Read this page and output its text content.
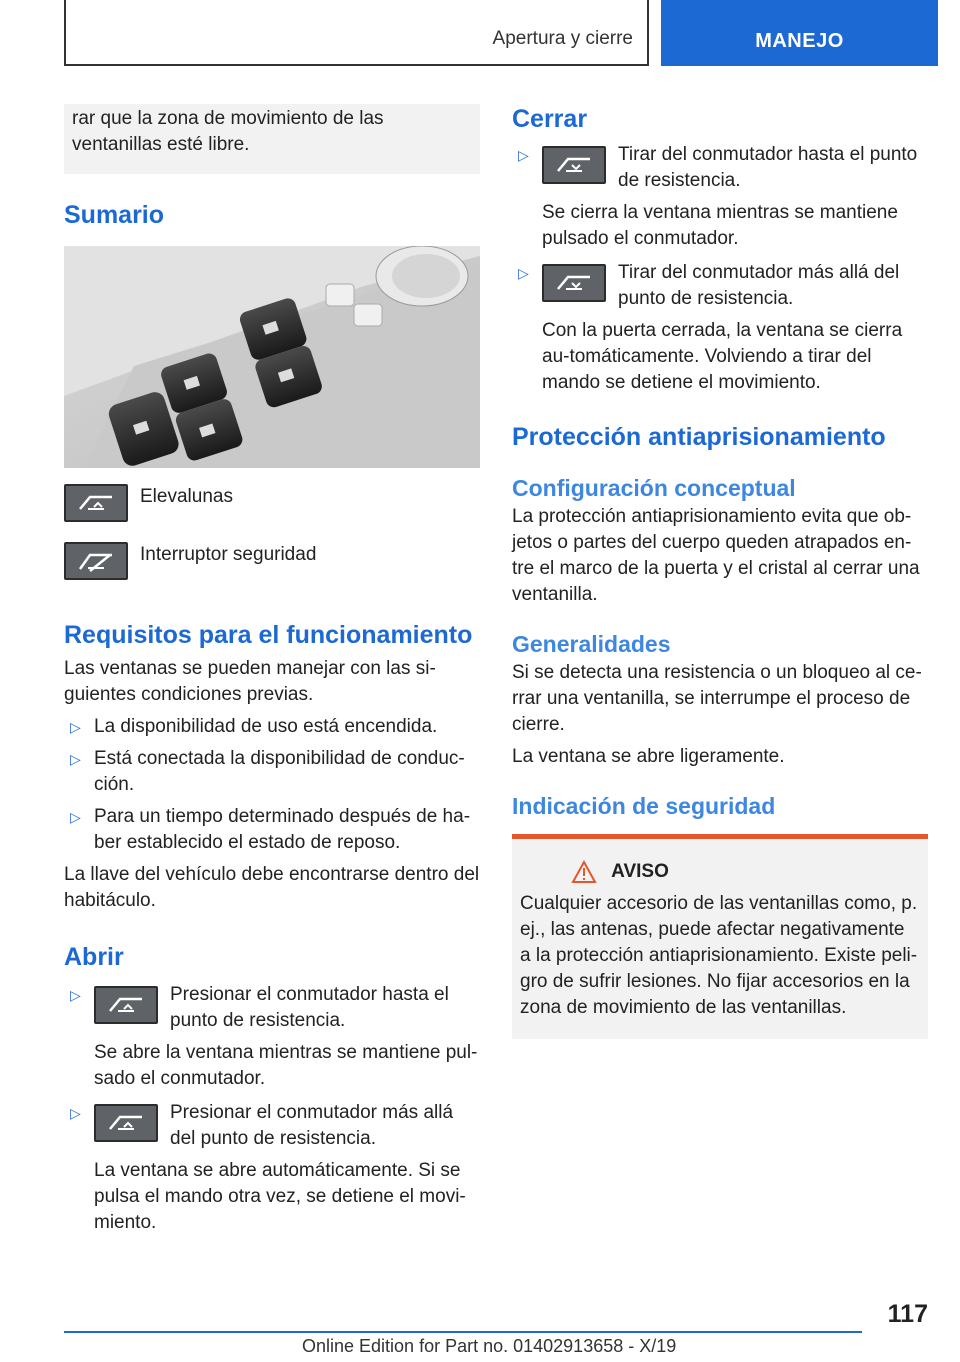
Apertura y cierre	MANEJO

rar que la zona de movimiento de las ventanillas esté libre.

Sumario
Elevalunas
Interruptor seguridad
Requisitos para el funcionamiento

Las ventanas se pueden manejar con las si-guientes condiciones previas.

▷ La disponibilidad de uso está encendida.
▷ Está conectada la disponibilidad de conduc-ción.
▷ Para un tiempo determinado después de ha-ber establecido el estado de reposo.

La llave del vehículo debe encontrarse dentro del habitáculo.

Abrir
▷	Presionar el conmutador hasta el punto de resistencia.

Se abre la ventana mientras se mantiene pul-sado el conmutador.

▷	Presionar el conmutador más allá del punto de resistencia.

La ventana se abre automáticamente. Si se pulsa el mando otra vez, se detiene el movi-miento.

Cerrar
▷	Tirar del conmutador hasta el punto de resistencia.

Se cierra la ventana mientras se mantiene pulsado el conmutador.

▷	Tirar del conmutador más allá del punto de resistencia.

Con la puerta cerrada, la ventana se cierra au-tomáticamente. Volviendo a tirar del mando se detiene el movimiento.

Protección antiaprisionamiento
Configuración conceptual

La protección antiaprisionamiento evita que ob-jetos o partes del cuerpo queden atrapados en-tre el marco de la puerta y el cristal al cerrar una ventanilla.

Generalidades

Si se detecta una resistencia o un bloqueo al ce-rrar una ventanilla, se interrumpe el proceso de cierre.

La ventana se abre ligeramente.

Indicación de seguridad
AVISO

Cualquier accesorio de las ventanillas como, p. ej., las antenas, puede afectar negativamente a la protección antiaprisionamiento. Existe peli-gro de sufrir lesiones. No fijar accesorios en la zona de movimiento de las ventanillas.

117
Online Edition for Part no. 01402913658 - X/19
